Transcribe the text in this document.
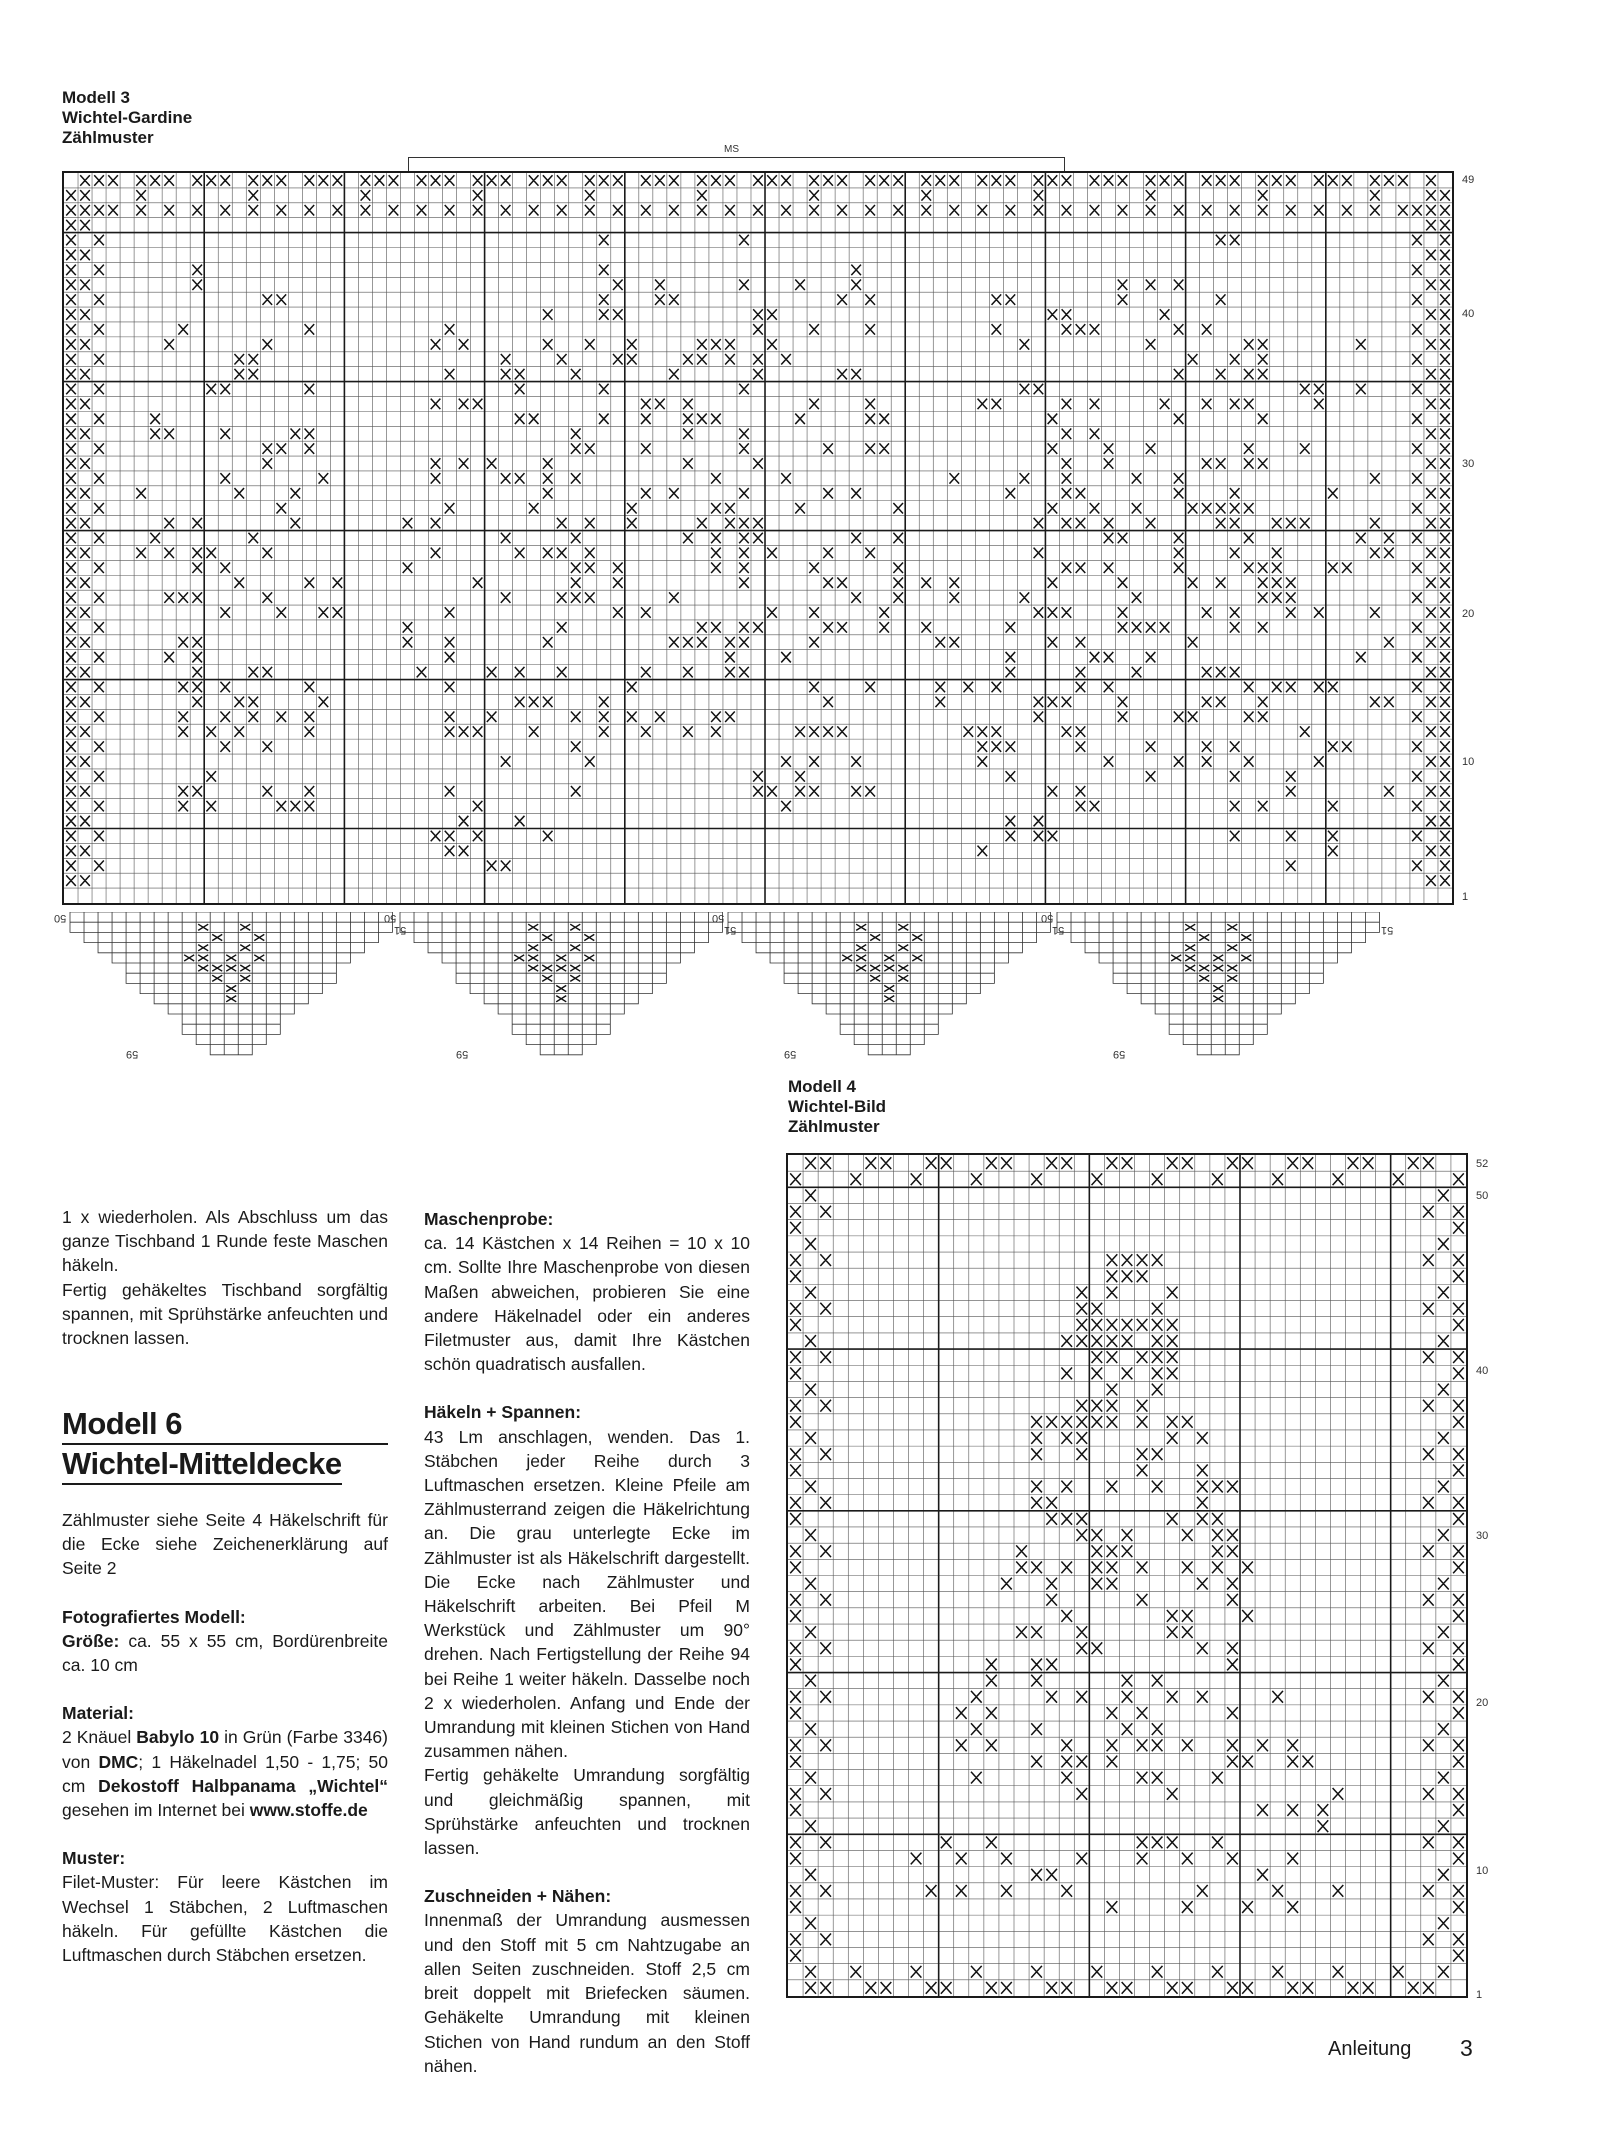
Modell 3
Wichtel-Gardine
Zählmuster
MS
49
40
30
20
10
1
50
51
59
50
51
59
50
51
59
50
51
59
Modell 4
Wichtel-Bild
Zählmuster
52
50
40
30
20
10
1

1 x wiederholen. Als Abschluss um das ganze Tischband 1 Runde feste Maschen häkeln.

Fertig gehäkeltes Tischband sorgfältig spannen, mit Sprühstärke anfeuchten und trocknen lassen.

Modell 6
Wichtel-Mitteldecke

Zählmuster siehe Seite 4 Häkelschrift für die Ecke siehe Zeichenerklärung auf Seite 2

Fotografiertes Modell:

Größe: ca. 55 x 55 cm, Bordürenbreite ca. 10 cm

Material:

2 Knäuel Babylo 10 in Grün (Farbe 3346) von DMC; 1 Häkelnadel 1,50 - 1,75; 50 cm Dekostoff Halbpanama „Wichtel“ gesehen im Internet bei www.stoffe.de

Muster:

Filet-Muster: Für leere Kästchen im Wechsel 1 Stäbchen, 2 Luftmaschen häkeln. Für gefüllte Kästchen die Luftmaschen durch Stäbchen ersetzen.

Maschenprobe:

ca. 14 Kästchen x 14 Reihen = 10 x 10 cm. Sollte Ihre Maschenprobe von diesen Maßen abweichen, probieren Sie eine andere Häkelnadel oder ein anderes Filetmuster aus, damit Ihre Kästchen schön quadratisch ausfallen.

Häkeln + Spannen:

43 Lm anschlagen, wenden. Das 1. Stäbchen jeder Reihe durch 3 Luftmaschen ersetzen. Kleine Pfeile am Zählmusterrand zeigen die Häkelrichtung an. Die grau unterlegte Ecke im Zählmuster ist als Häkelschrift dargestellt. Die Ecke nach Zählmuster und Häkelschrift arbeiten. Bei Pfeil M Werkstück und Zählmuster um 90° drehen. Nach Fertigstellung der Reihe 94 bei Reihe 1 weiter häkeln. Dasselbe noch 2 x wiederholen. Anfang und Ende der Umrandung mit kleinen Stichen von Hand zusammen nähen.

Fertig gehäkelte Umrandung sorgfältig und gleichmäßig spannen, mit Sprühstärke anfeuchten und trocknen lassen.

Zuschneiden + Nähen:

Innenmaß der Umrandung ausmessen und den Stoff mit 5 cm Nahtzugabe an allen Seiten zuschneiden. Stoff 2,5 cm breit doppelt mit Briefecken säumen. Gehäkelte Umrandung mit kleinen Stichen von Hand rundum an den Stoff nähen.

Anleitung 3
